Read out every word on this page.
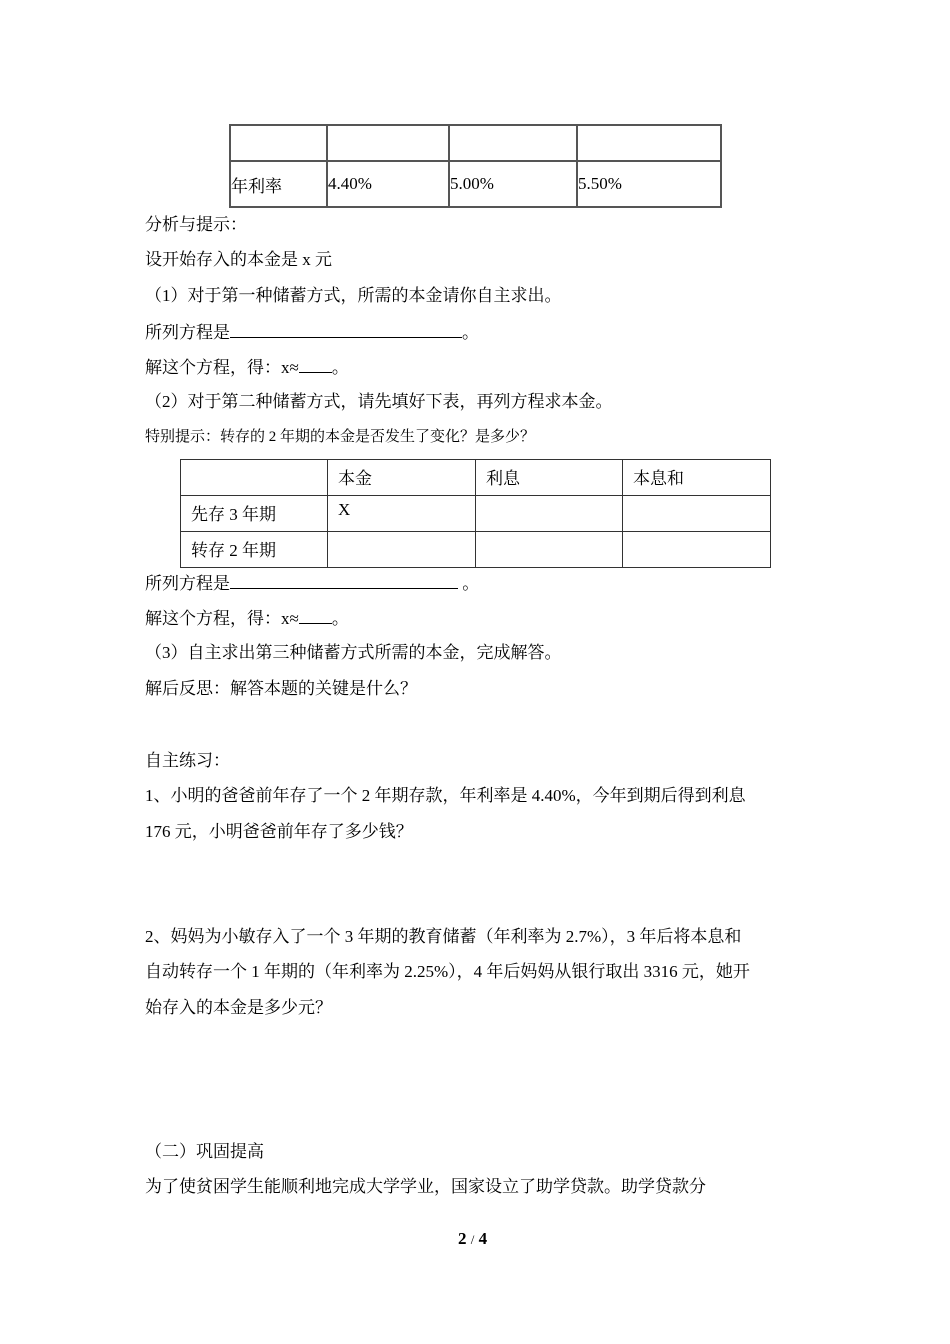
年利率	4.40%	5.00%	5.50%
分析与提示：
设开始存入的本金是 x 元
（1）对于第一种储蓄方式，所需的本金请你自主求出。
所列方程是	。
解这个方程，得：x≈ 。
（2）对于第二种储蓄方式，请先填好下表，再列方程求本金。
特别提示：转存的 2 年期的本金是否发生了变化？是多少？
	本金	利息	本息和
先存 3 年期	X		
转存 2 年期			
所列方程是	。
解这个方程，得：x≈ 。
（3）自主求出第三种储蓄方式所需的本金，完成解答。
解后反思：解答本题的关键是什么？
自主练习：
1、小明的爸爸前年存了一个 2 年期存款，年利率是 4.40%，今年到期后得到利息
176 元，小明爸爸前年存了多少钱？
2、妈妈为小敏存入了一个 3 年期的教育储蓄（年利率为 2.7%），3 年后将本息和
自动转存一个 1 年期的（年利率为 2.25%），4 年后妈妈从银行取出 3316 元，她开
始存入的本金是多少元？
（二）巩固提高
为了使贫困学生能顺利地完成大学学业，国家设立了助学贷款。助学贷款分
2 / 4
